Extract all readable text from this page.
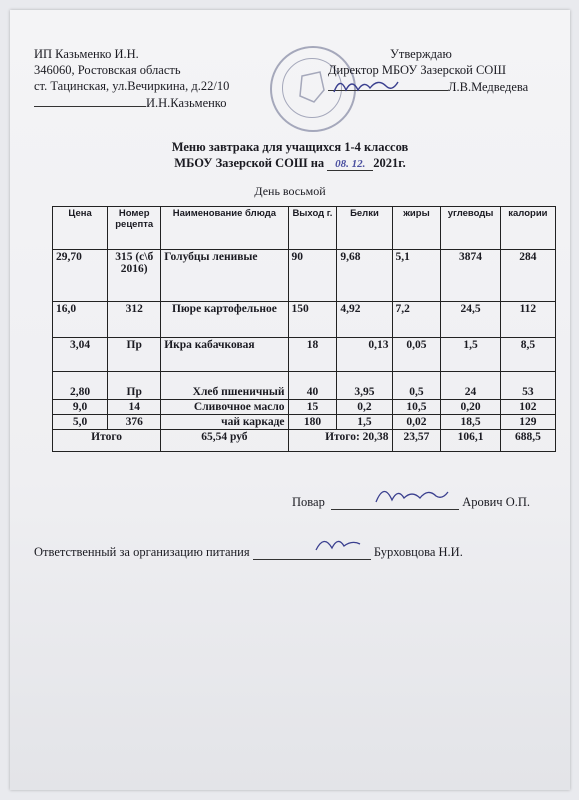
ИП Казьменко И.Н.
346060, Ростовская область
ст. Тацинская, ул.Вечиркина, д.22/10
И.Н.Казьменко
Утверждаю
Директор МБОУ Зазерской СОШ
Л.В.Медведева
Меню завтрака для учащихся 1-4 классов
МБОУ Зазерской СОШ на 08. 12. 2021г.
День восьмой
Цена	Номер рецепта	Наименование блюда	Выход г.	Белки	жиры	углеводы	калории
29,70	315 (с\б 2016)	Голубцы ленивые	90	9,68	5,1	3874	284
16,0	312	Пюре картофельное	150	4,92	7,2	24,5	112
3,04	Пр	Икра кабачковая	18	0,13	0,05	1,5	8,5
2,80	Пр	Хлеб пшеничный	40	3,95	0,5	24	53
9,0	14	Сливочное масло	15	0,2	10,5	0,20	102
5,0	376	чай каркаде	180	1,5	0,02	18,5	129
Итого		65,54 руб	Итого: 20,38		23,57	106,1	688,5
Повар	Арович О.П.
Ответственный за организацию питания	Бурховцова Н.И.
